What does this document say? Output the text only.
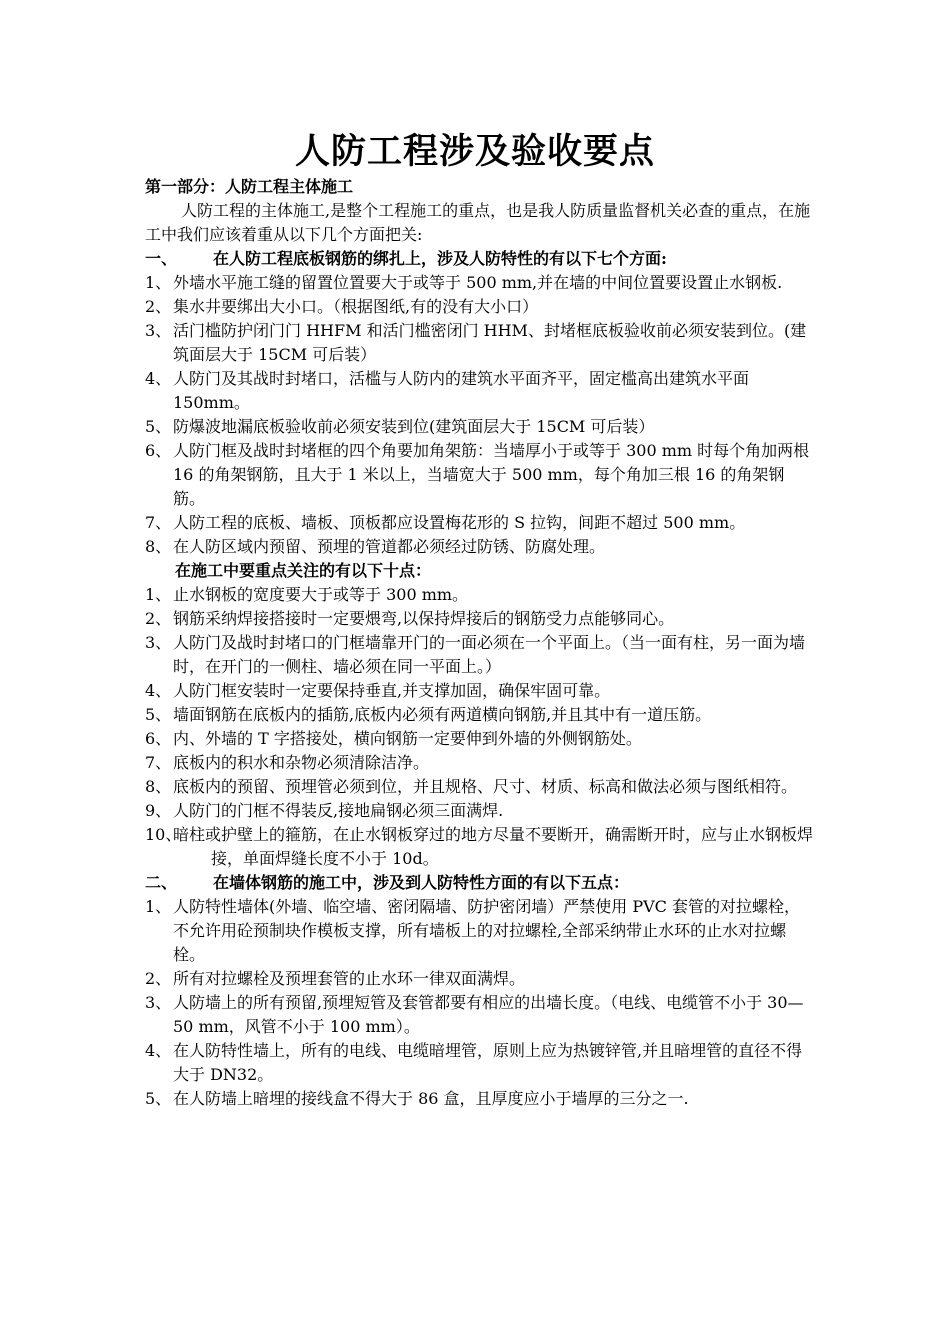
人防工程涉及验收要点
第一部分：人防工程主体施工
人防工程的主体施工,是整个工程施工的重点，也是我人防质量监督机关必查的重点，在施工中我们应该着重从以下几个方面把关:
一、 在人防工程底板钢筋的绑扎上，涉及人防特性的有以下七个方面:
1、 外墙水平施工缝的留置位置要大于或等于 500 mm,并在墙的中间位置要设置止水钢板.
2、 集水井要绑出大小口。（根据图纸,有的没有大小口）
3、 活门槛防护闭门门 HHFM 和活门槛密闭门 HHM、封堵框底板验收前必须安装到位。(建筑面层大于 15CM 可后装）
4、 人防门及其战时封堵口，活槛与人防内的建筑水平面齐平，固定槛高出建筑水平面 150mm。
5、 防爆波地漏底板验收前必须安装到位(建筑面层大于 15CM 可后装）
6、 人防门框及战时封堵框的四个角要加角架筋：当墙厚小于或等于 300 mm 时每个角加两根 16 的角架钢筋，且大于 1 米以上，当墙宽大于 500 mm，每个角加三根 16 的角架钢筋。
7、 人防工程的底板、墙板、顶板都应设置梅花形的 S 拉钩，间距不超过 500 mm。
8、 在人防区域内预留、预埋的管道都必须经过防锈、防腐处理。
在施工中要重点关注的有以下十点：
1、 止水钢板的宽度要大于或等于 300 mm。
2、 钢筋采纳焊接搭接时一定要煨弯,以保持焊接后的钢筋受力点能够同心。
3、 人防门及战时封堵口的门框墙靠开门的一面必须在一个平面上。（当一面有柱，另一面为墙时，在开门的一侧柱、墙必须在同一平面上。）
4、 人防门框安装时一定要保持垂直,并支撑加固，确保牢固可靠。
5、 墙面钢筋在底板内的插筋,底板内必须有两道横向钢筋,并且其中有一道压筋。
6、 内、外墙的 T 字搭接处，横向钢筋一定要伸到外墙的外侧钢筋处。
7、 底板内的积水和杂物必须清除洁净。
8、 底板内的预留、预埋管必须到位，并且规格、尺寸、材质、标高和做法必须与图纸相符。
9、 人防门的门框不得装反,接地扁钢必须三面满焊.
10、
暗柱或护壁上的箍筋，在止水钢板穿过的地方尽量不要断开，确需断开时，应与止水钢板焊接，单面焊缝长度不小于 10d。
二、 在墙体钢筋的施工中，涉及到人防特性方面的有以下五点：
1、 人防特性墙体(外墙、临空墙、密闭隔墙、防护密闭墙）严禁使用 PVC 套管的对拉螺栓，不允许用砼预制块作模板支撑，所有墙板上的对拉螺栓,全部采纳带止水环的止水对拉螺栓。
2、 所有对拉螺栓及预埋套管的止水环一律双面满焊。
3、 人防墙上的所有预留,预埋短管及套管都要有相应的出墙长度。（电线、电缆管不小于 30—50 mm，风管不小于 100 mm）。
4、 在人防特性墙上，所有的电线、电缆暗埋管，原则上应为热镀锌管,并且暗埋管的直径不得大于 DN32。
5、 在人防墙上暗埋的接线盒不得大于 86 盒，且厚度应小于墙厚的三分之一.
